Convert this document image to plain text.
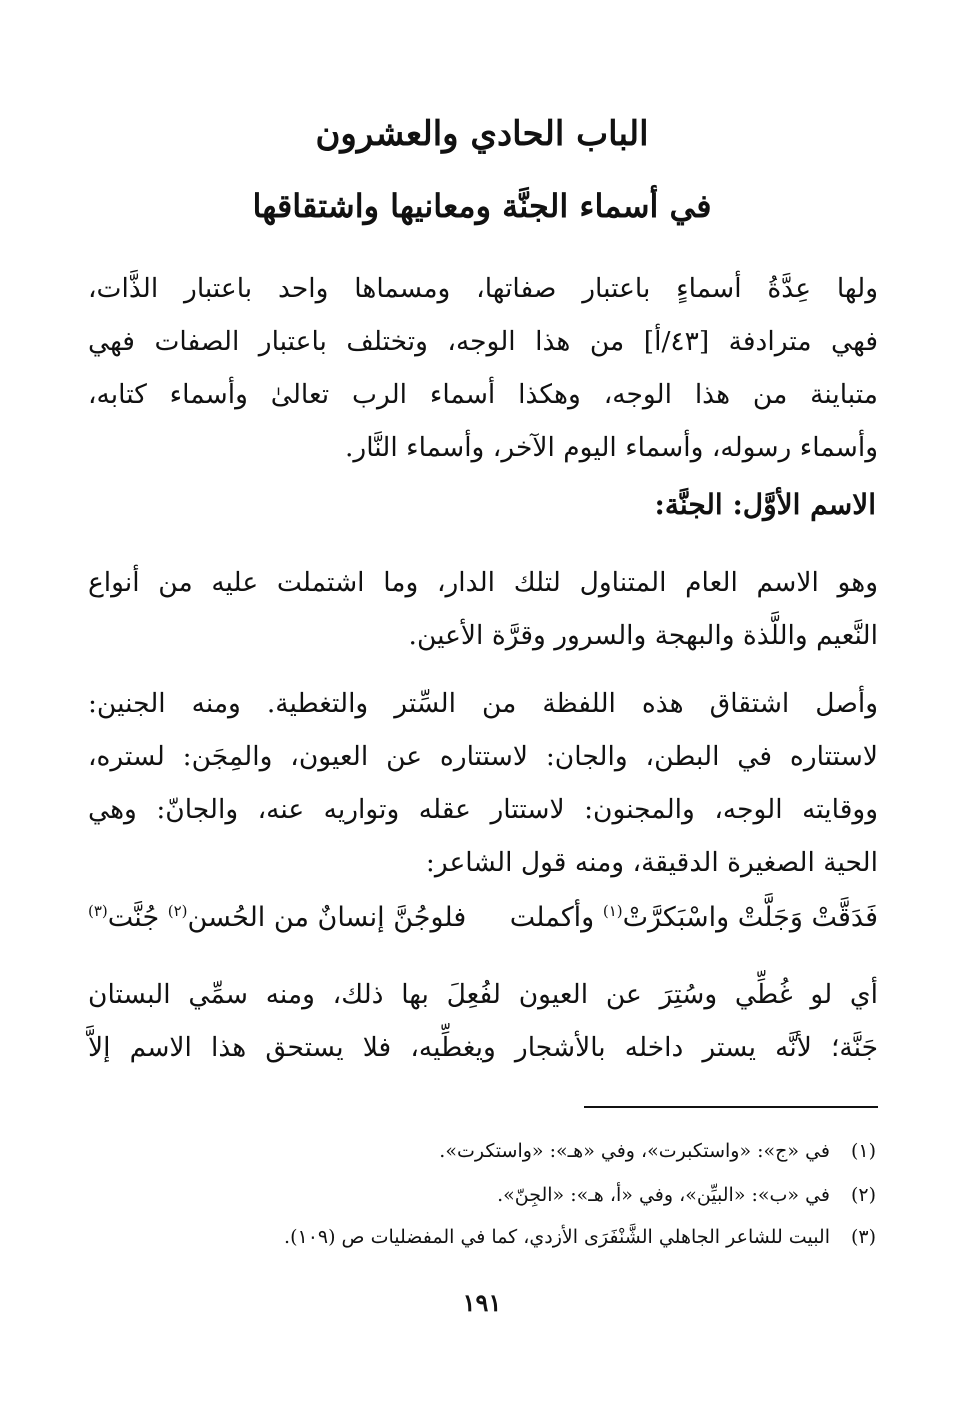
الباب الحادي والعشرون
في أسماء الجنَّة ومعانيها واشتقاقها
ولها عِدَّةُ أسماءٍ باعتبار صفاتها، ومسماها واحد باعتبار الذَّات،
فهي مترادفة [٤٣/أ] من هذا الوجه، وتختلف باعتبار الصفات فهي
متباينة من هذا الوجه، وهكذا أسماء الرب تعالىٰ وأسماء كتابه،
وأسماء رسوله، وأسماء اليوم الآخر، وأسماء النَّار.
الاسم الأوَّل: الجنَّة:
وهو الاسم العام المتناول لتلك الدار، وما اشتملت عليه من أنواع
النَّعيم واللَّذة والبهجة والسرور وقرَّة الأعين.
وأصل اشتقاق هذه اللفظة من السِّتر والتغطية. ومنه الجنين:
لاستتاره في البطن، والجان: لاستتاره عن العيون، والمِجَن: لستره،
ووقايته الوجه، والمجنون: لاستتار عقله وتواريه عنه، والجانّ: وهي
الحية الصغيرة الدقيقة، ومنه قول الشاعر:
فَدَقَّتْ وَجَلَّتْ واسْبَكرَّتْ$^{(١)}$ وأكملت
فلوجُنَّ إنسانٌ من الحُسن$^{(٢)}$ جُنَّت$^{(٣)}$
أي لو غُطِّي وسُتِرَ عن العيون لفُعِلَ بها ذلك، ومنه سمِّي البستان
جَنَّة؛ لأنَّه يستر داخله بالأشجار ويغطِّيه، فلا يستحق هذا الاسم إلاَّ
(١)في «ج»: «واستكبرت»، وفي «هـ»: «واستكرت».
(٢)في «ب»: «البيِّن»، وفي «أ، هـ»: «الجِنّ».
(٣)البيت للشاعر الجاهلي الشَّنْفَرَى الأزدي، كما في المفضليات ص (١٠٩).
١٩١
